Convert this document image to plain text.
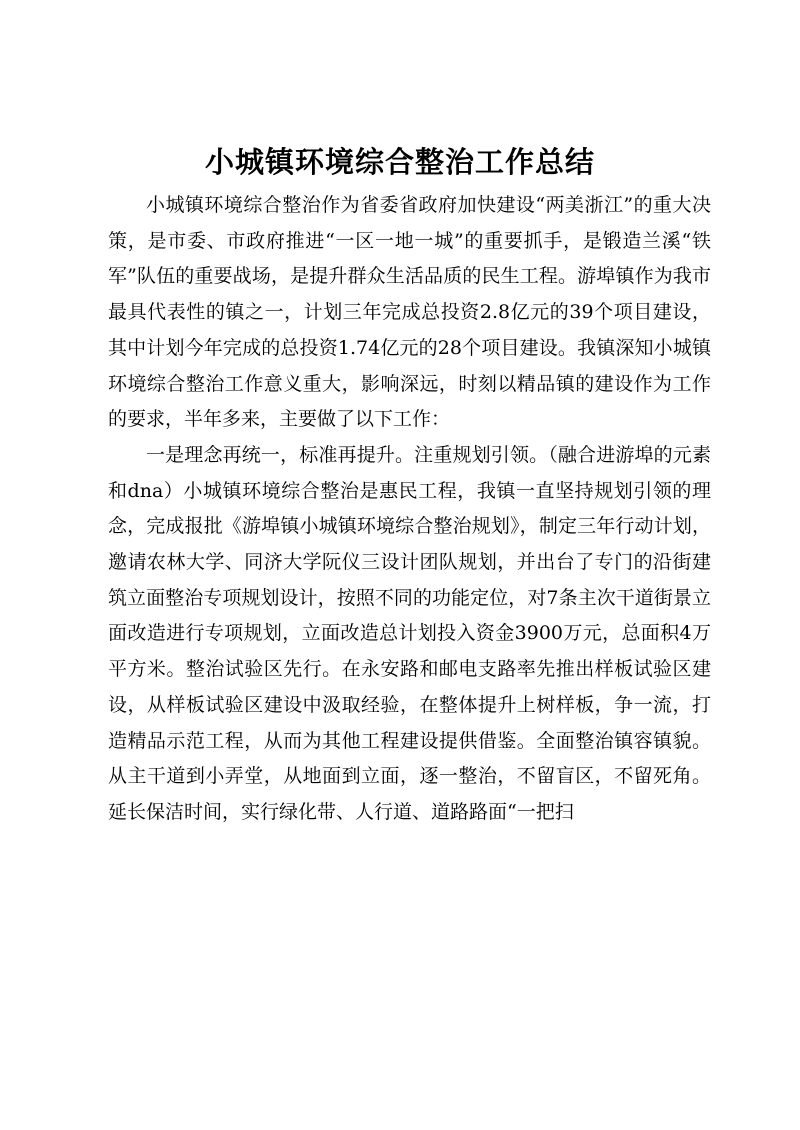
小城镇环境综合整治工作总结

小城镇环境综合整治作为省委省政府加快建设“两美浙江”的重大决策，是市委、市政府推进“一区一地一城”的重要抓手，是锻造兰溪“铁军”队伍的重要战场，是提升群众生活品质的民生工程。游埠镇作为我市最具代表性的镇之一，计划三年完成总投资2.8亿元的39个项目建设，其中计划今年完成的总投资1.74亿元的28个项目建设。我镇深知小城镇环境综合整治工作意义重大，影响深远，时刻以精品镇的建设作为工作的要求，半年多来，主要做了以下工作：

一是理念再统一，标准再提升。注重规划引领。（融合进游埠的元素和dna）小城镇环境综合整治是惠民工程，我镇一直坚持规划引领的理念，完成报批《游埠镇小城镇环境综合整治规划》，制定三年行动计划，邀请农林大学、同济大学阮仪三设计团队规划，并出台了专门的沿街建筑立面整治专项规划设计，按照不同的功能定位，对7条主次干道街景立面改造进行专项规划，立面改造总计划投入资金3900万元，总面积4万平方米。整治试验区先行。在永安路和邮电支路率先推出样板试验区建设，从样板试验区建设中汲取经验，在整体提升上树样板，争一流，打造精品示范工程，从而为其他工程建设提供借鉴。全面整治镇容镇貌。从主干道到小弄堂，从地面到立面，逐一整治，不留盲区，不留死角。延长保洁时间，实行绿化带、人行道、道路路面“一把扫
